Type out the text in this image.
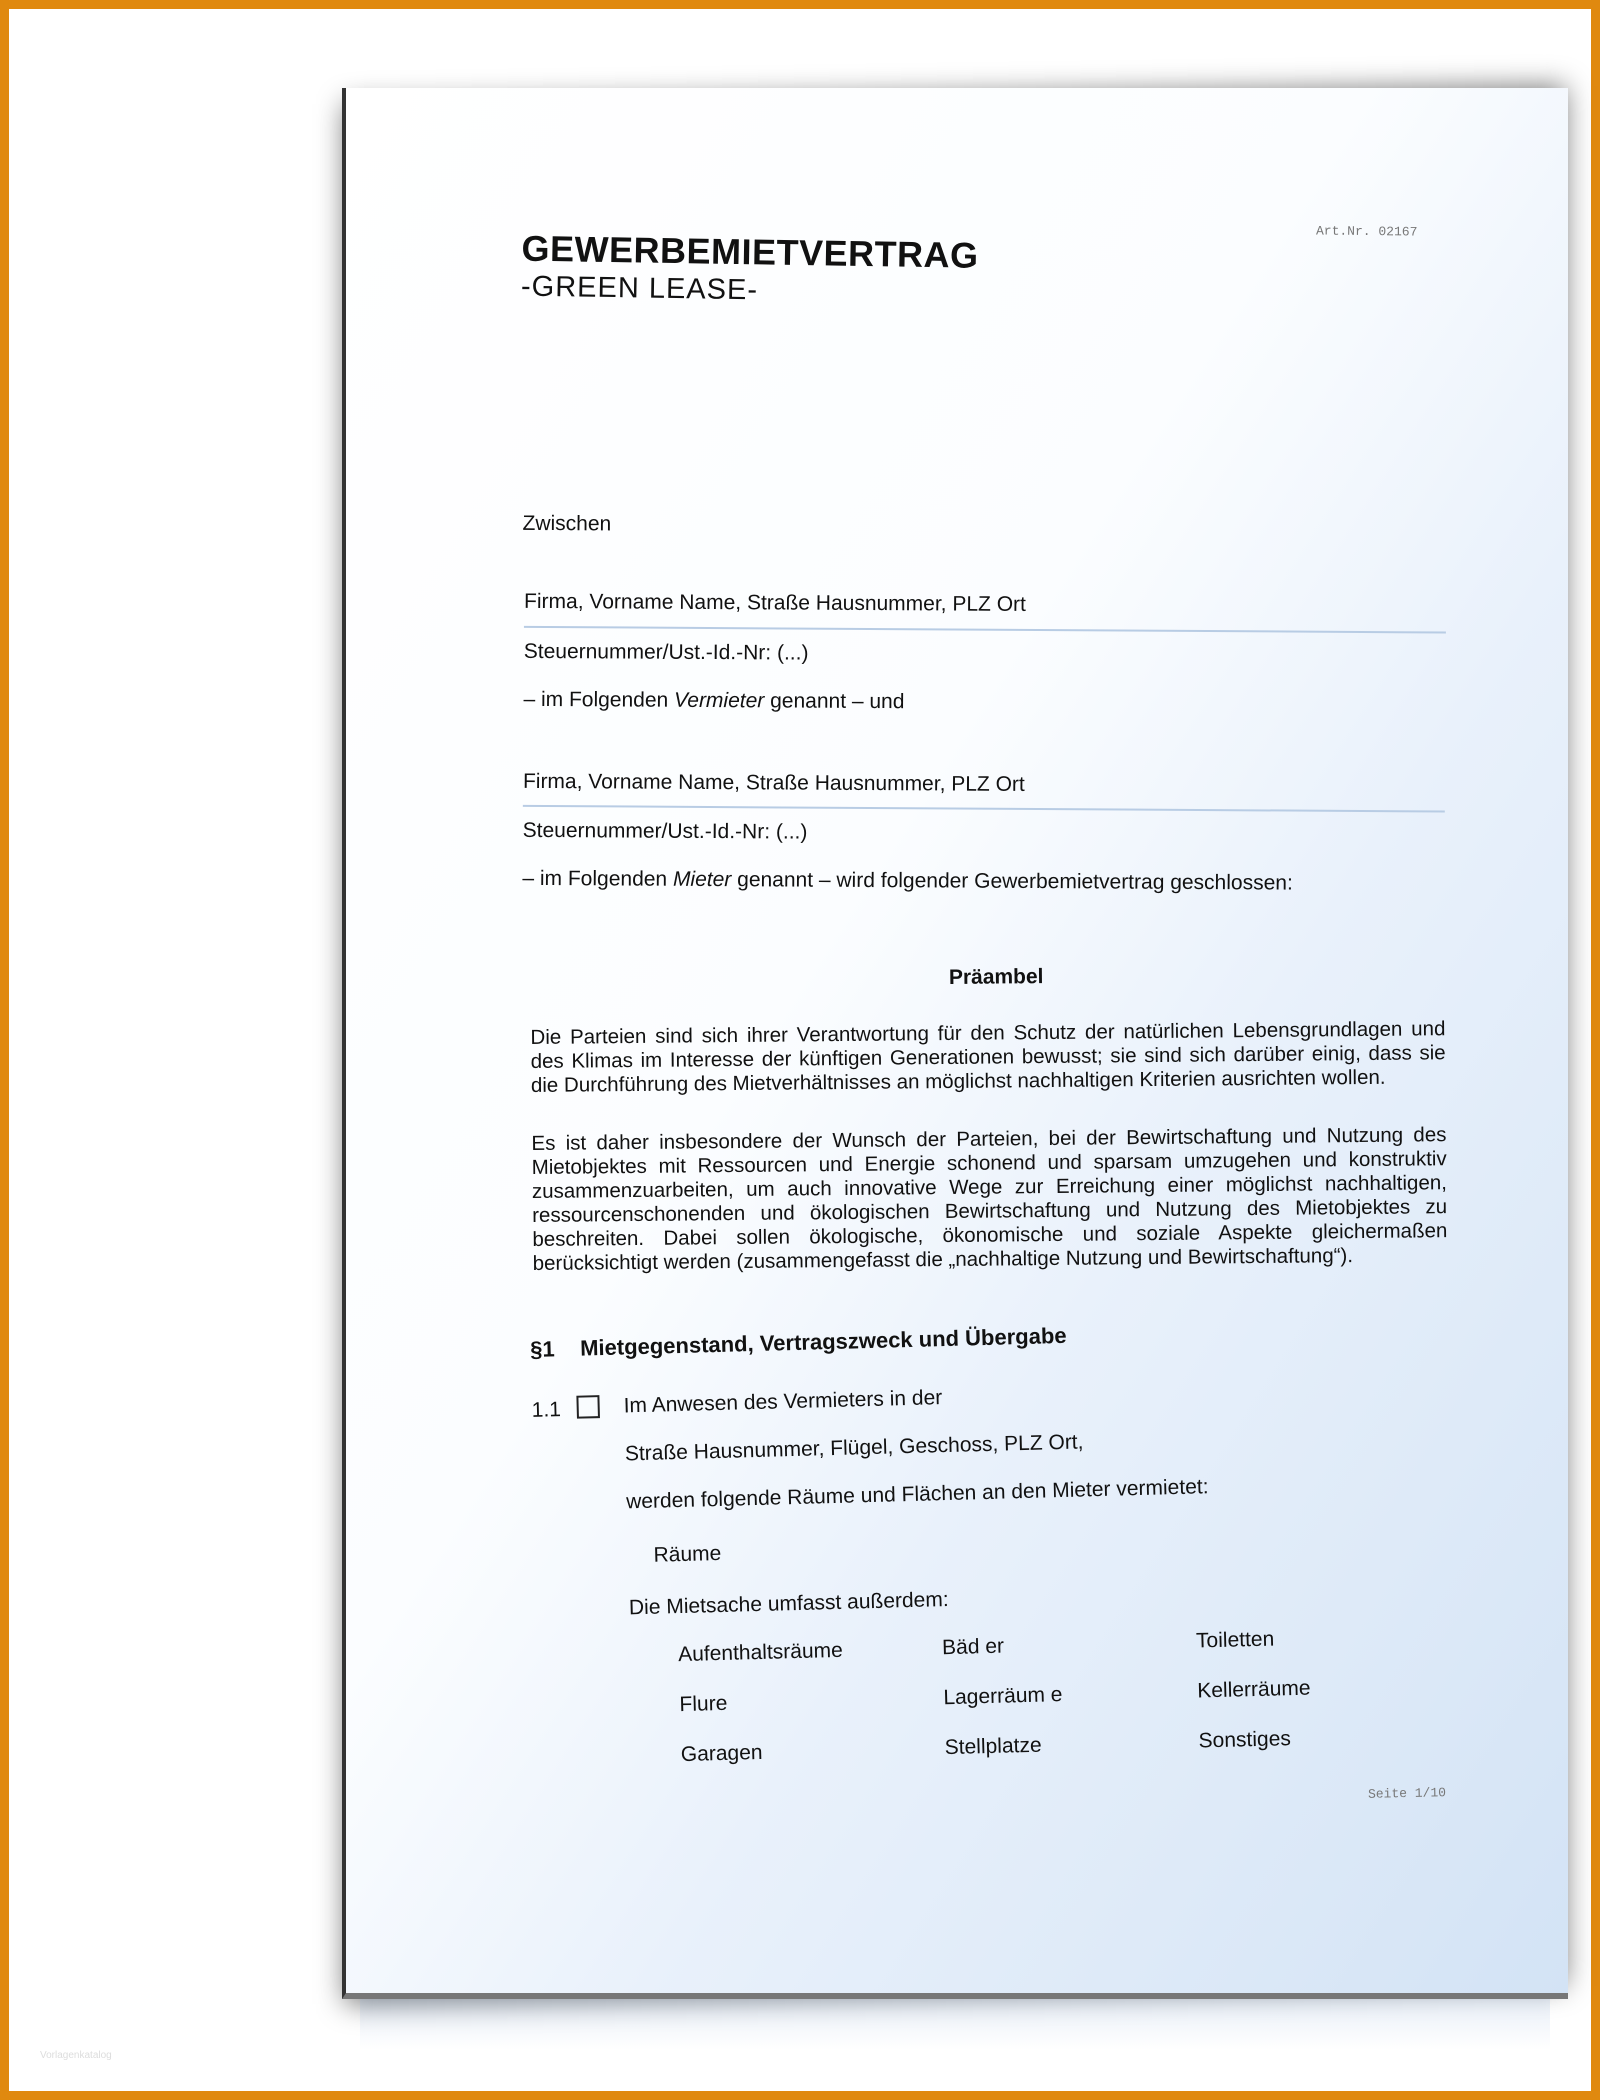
GEWERBEMIETVERTRAG
-GREEN LEASE-
Art.Nr. 02167
Zwischen
Firma, Vorname Name, Straße Hausnummer, PLZ Ort
Steuernummer/Ust.-Id.-Nr: (...)
– im Folgenden Vermieter genannt – und
Firma, Vorname Name, Straße Hausnummer, PLZ Ort
Steuernummer/Ust.-Id.-Nr: (...)
– im Folgenden Mieter genannt – wird folgender Gewerbemietvertrag geschlossen:
Präambel
Die Parteien sind sich ihrer Verantwortung für den Schutz der natürlichen Lebensgrundlagen und des Klimas im Interesse der künftigen Generationen bewusst; sie sind sich darüber einig, dass sie die Durchführung des Mietverhältnisses an möglichst nachhaltigen Kriterien ausrichten wollen.
Es ist daher insbesondere der Wunsch der Parteien, bei der Bewirtschaftung und Nutzung des Mietobjektes mit Ressourcen und Energie schonend und sparsam umzugehen und konstruktiv zusammenzuarbeiten, um auch innovative Wege zur Erreichung einer möglichst nachhaltigen, ressourcenschonenden und ökologischen Bewirtschaftung und Nutzung des Mietobjektes zu beschreiten. Dabei sollen ökologische, ökonomische und soziale Aspekte gleichermaßen berücksichtigt werden (zusammengefasst die „nachhaltige Nutzung und Bewirtschaftung“).
§1 Mietgegenstand, Vertragszweck und Übergabe
1.1	Im Anwesen des Vermieters in der
Straße Hausnummer, Flügel, Geschoss, PLZ Ort,
werden folgende Räume und Flächen an den Mieter vermietet:
Räume
Die Mietsache umfasst außerdem:
Aufenthaltsräume
Flure
Garagen
Bäd er
Lagerräum e
Stellplatze
Toiletten
Kellerräume
Sonstiges
Seite 1/10
Vorlagenkatalog
